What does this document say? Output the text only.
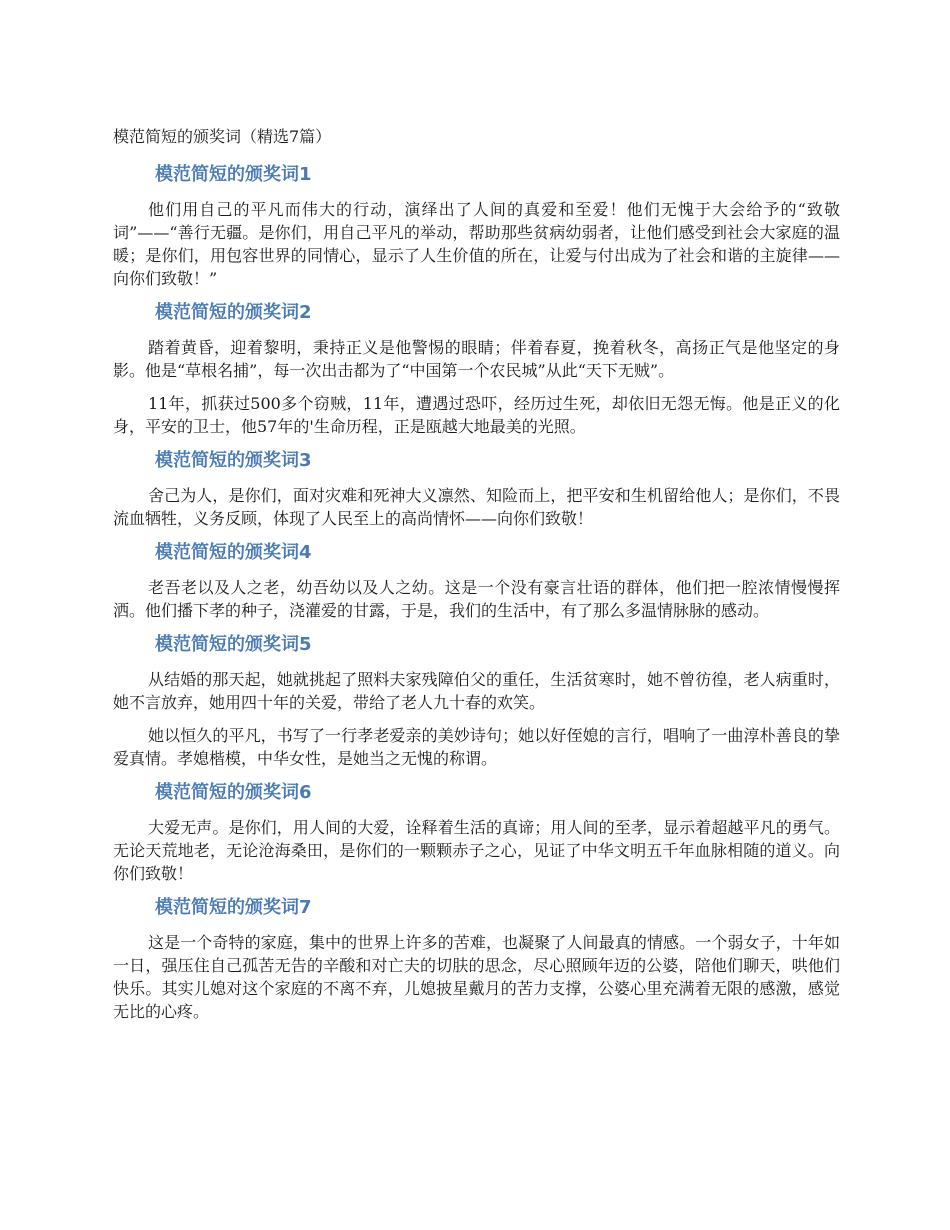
模范简短的颁奖词（精选7篇）
模范简短的颁奖词1

他们用自己的平凡而伟大的行动，演绎出了人间的真爱和至爱！他们无愧于大会给予的“致敬词”——“善行无疆。是你们，用自己平凡的举动，帮助那些贫病幼弱者，让他们感受到社会大家庭的温暖；是你们，用包容世界的同情心，显示了人生价值的所在，让爱与付出成为了社会和谐的主旋律——向你们致敬！”

模范简短的颁奖词2

踏着黄昏，迎着黎明，秉持正义是他警惕的眼睛；伴着春夏，挽着秋冬，高扬正气是他坚定的身影。他是“草根名捕”，每一次出击都为了“中国第一个农民城”从此“天下无贼”。

11年，抓获过500多个窃贼，11年，遭遇过恐吓，经历过生死，却依旧无怨无悔。他是正义的化身，平安的卫士，他57年的'生命历程，正是瓯越大地最美的光照。

模范简短的颁奖词3

舍己为人，是你们，面对灾难和死神大义凛然、知险而上，把平安和生机留给他人；是你们，不畏流血牺牲，义务反顾，体现了人民至上的高尚情怀——向你们致敬！

模范简短的颁奖词4

老吾老以及人之老，幼吾幼以及人之幼。这是一个没有豪言壮语的群体，他们把一腔浓情慢慢挥洒。他们播下孝的种子，浇灌爱的甘露，于是，我们的生活中，有了那么多温情脉脉的感动。

模范简短的颁奖词5

从结婚的那天起，她就挑起了照料夫家残障伯父的重任，生活贫寒时，她不曾彷徨，老人病重时，她不言放弃，她用四十年的关爱，带给了老人九十春的欢笑。

她以恒久的平凡，书写了一行孝老爱亲的美妙诗句；她以好侄媳的言行，唱响了一曲淳朴善良的挚爱真情。孝媳楷模，中华女性，是她当之无愧的称谓。

模范简短的颁奖词6

大爱无声。是你们，用人间的大爱，诠释着生活的真谛；用人间的至孝，显示着超越平凡的勇气。无论天荒地老，无论沧海桑田，是你们的一颗颗赤子之心，见证了中华文明五千年血脉相随的道义。向你们致敬！

模范简短的颁奖词7

这是一个奇特的家庭，集中的世界上许多的苦难，也凝聚了人间最真的情感。一个弱女子，十年如一日，强压住自己孤苦无告的辛酸和对亡夫的切肤的思念，尽心照顾年迈的公婆，陪他们聊天，哄他们快乐。其实儿媳对这个家庭的不离不弃，儿媳披星戴月的苦力支撑，公婆心里充满着无限的感激，感觉无比的心疼。
